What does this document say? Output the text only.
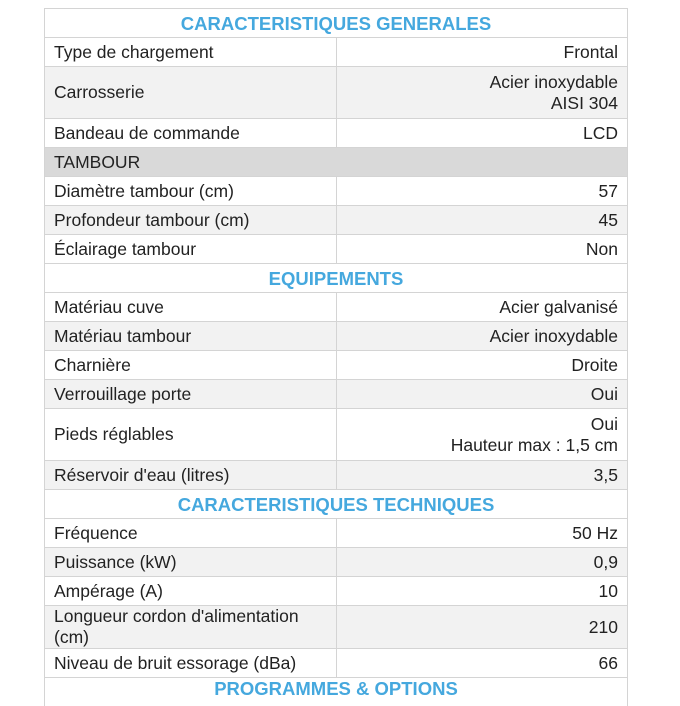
CARACTERISTIQUES GENERALES	
Type de chargement	Frontal
Carrosserie	Acier inoxydable
AISI 304

Bandeau de commande	LCD
TAMBOUR	
Diamètre tambour (cm)	57
Profondeur tambour (cm)	45
Éclairage tambour	Non
EQUIPEMENTS	
Matériau cuve	Acier galvanisé
Matériau tambour	Acier inoxydable
Charnière	Droite
Verrouillage porte	Oui
Pieds réglables	Oui
Hauteur max : 1,5 cm

Réservoir d'eau (litres)	3,5
CARACTERISTIQUES TECHNIQUES	
Fréquence	50 Hz
Puissance (kW)	0,9
Ampérage (A)	10
Longueur cordon d'alimentation (cm)	210
Niveau de bruit essorage (dBa)	66
PROGRAMMES & OPTIONS	
